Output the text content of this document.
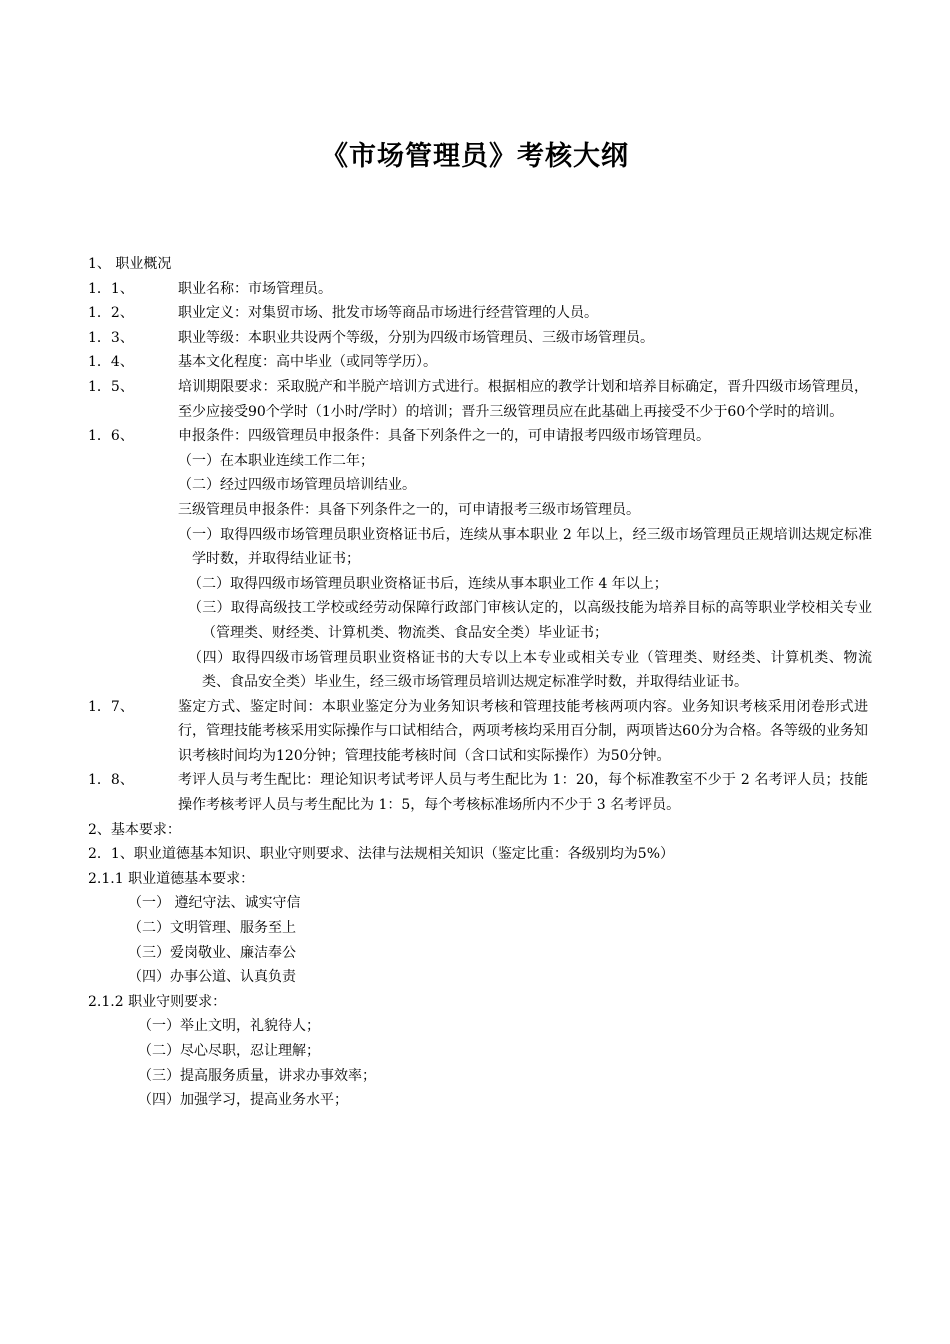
《市场管理员》考核大纲
1、 职业概况
1．1、	职业名称：市场管理员。
1．2、	职业定义：对集贸市场、批发市场等商品市场进行经营管理的人员。
1．3、	职业等级：本职业共设两个等级，分别为四级市场管理员、三级市场管理员。
1．4、	基本文化程度：高中毕业（或同等学历）。
1．5、	培训期限要求：采取脱产和半脱产培训方式进行。根据相应的教学计划和培养目标确定，晋升四级市场管理员，至少应接受90个学时（1小时/学时）的培训；晋升三级管理员应在此基础上再接受不少于60个学时的培训。
1．6、	申报条件：四级管理员申报条件：具备下列条件之一的，可申请报考四级市场管理员。
（一）在本职业连续工作二年；
（二）经过四级市场管理员培训结业。
三级管理员申报条件：具备下列条件之一的，可申请报考三级市场管理员。
（一）取得四级市场管理员职业资格证书后，连续从事本职业 2 年以上，经三级市场管理员正规培训达规定标准学时数，并取得结业证书；
（二）取得四级市场管理员职业资格证书后，连续从事本职业工作 4 年以上；
（三）取得高级技工学校或经劳动保障行政部门审核认定的，以高级技能为培养目标的高等职业学校相关专业（管理类、财经类、计算机类、物流类、食品安全类）毕业证书；
（四）取得四级市场管理员职业资格证书的大专以上本专业或相关专业（管理类、财经类、计算机类、物流类、食品安全类）毕业生，经三级市场管理员培训达规定标准学时数，并取得结业证书。
1．7、	鉴定方式、鉴定时间：本职业鉴定分为业务知识考核和管理技能考核两项内容。业务知识考核采用闭卷形式进行，管理技能考核采用实际操作与口试相结合，两项考核均采用百分制，两项皆达60分为合格。各等级的业务知识考核时间均为120分钟；管理技能考核时间（含口试和实际操作）为50分钟。
1．8、	考评人员与考生配比：理论知识考试考评人员与考生配比为 1：20，每个标准教室不少于 2 名考评人员；技能操作考核考评人员与考生配比为 1：5，每个考核标准场所内不少于 3 名考评员。
2、基本要求：
2．1、职业道德基本知识、职业守则要求、法律与法规相关知识（鉴定比重：各级别均为5%）
2.1.1 职业道德基本要求：
（一） 遵纪守法、诚实守信
（二）文明管理、服务至上
（三）爱岗敬业、廉洁奉公
（四）办事公道、认真负责
2.1.2 职业守则要求：
（一）举止文明，礼貌待人；
（二）尽心尽职，忍让理解；
（三）提高服务质量，讲求办事效率；
（四）加强学习，提高业务水平；
